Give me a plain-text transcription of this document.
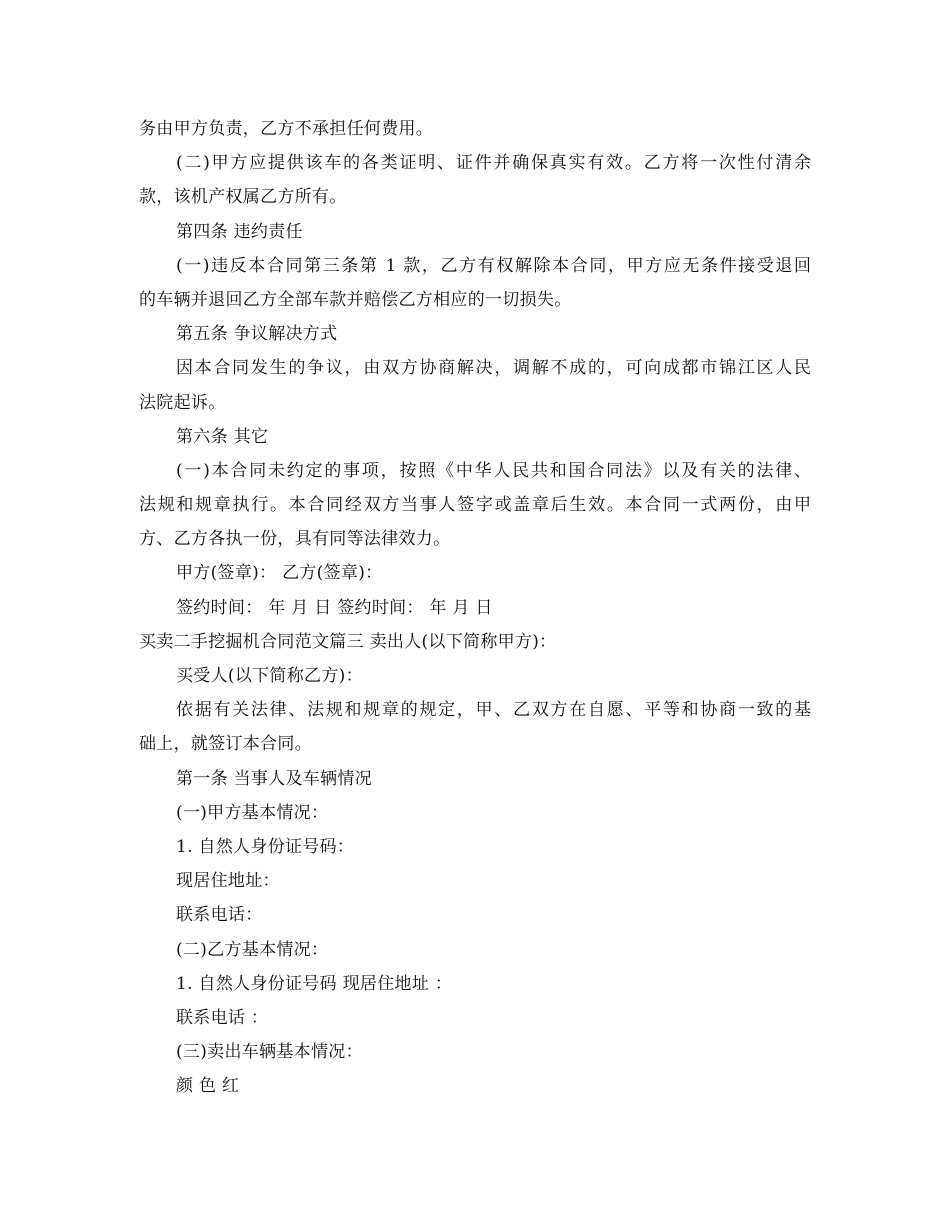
务由甲方负责，乙方不承担任何费用。
(二)甲方应提供该车的各类证明、证件并确保真实有效。乙方将一次性付清余
款，该机产权属乙方所有。
第四条 违约责任
(一)违反本合同第三条第 1 款，乙方有权解除本合同，甲方应无条件接受退回
的车辆并退回乙方全部车款并赔偿乙方相应的一切损失。
第五条 争议解决方式
因本合同发生的争议，由双方协商解决，调解不成的，可向成都市锦江区人民
法院起诉。
第六条 其它
(一)本合同未约定的事项，按照《中华人民共和国合同法》以及有关的法律、
法规和规章执行。本合同经双方当事人签字或盖章后生效。本合同一式两份，由甲
方、乙方各执一份，具有同等法律效力。
甲方(签章)： 乙方(签章)：
签约时间： 年 月 日 签约时间： 年 月 日
买卖二手挖掘机合同范文篇三 卖出人(以下简称甲方)：
买受人(以下简称乙方)：
依据有关法律、法规和规章的规定，甲、乙双方在自愿、平等和协商一致的基
础上，就签订本合同。
第一条 当事人及车辆情况
(一)甲方基本情况：
1. 自然人身份证号码：
现居住地址：
联系电话：
(二)乙方基本情况：
1. 自然人身份证号码 现居住地址 ：
联系电话 ：
(三)卖出车辆基本情况：
颜 色 红
